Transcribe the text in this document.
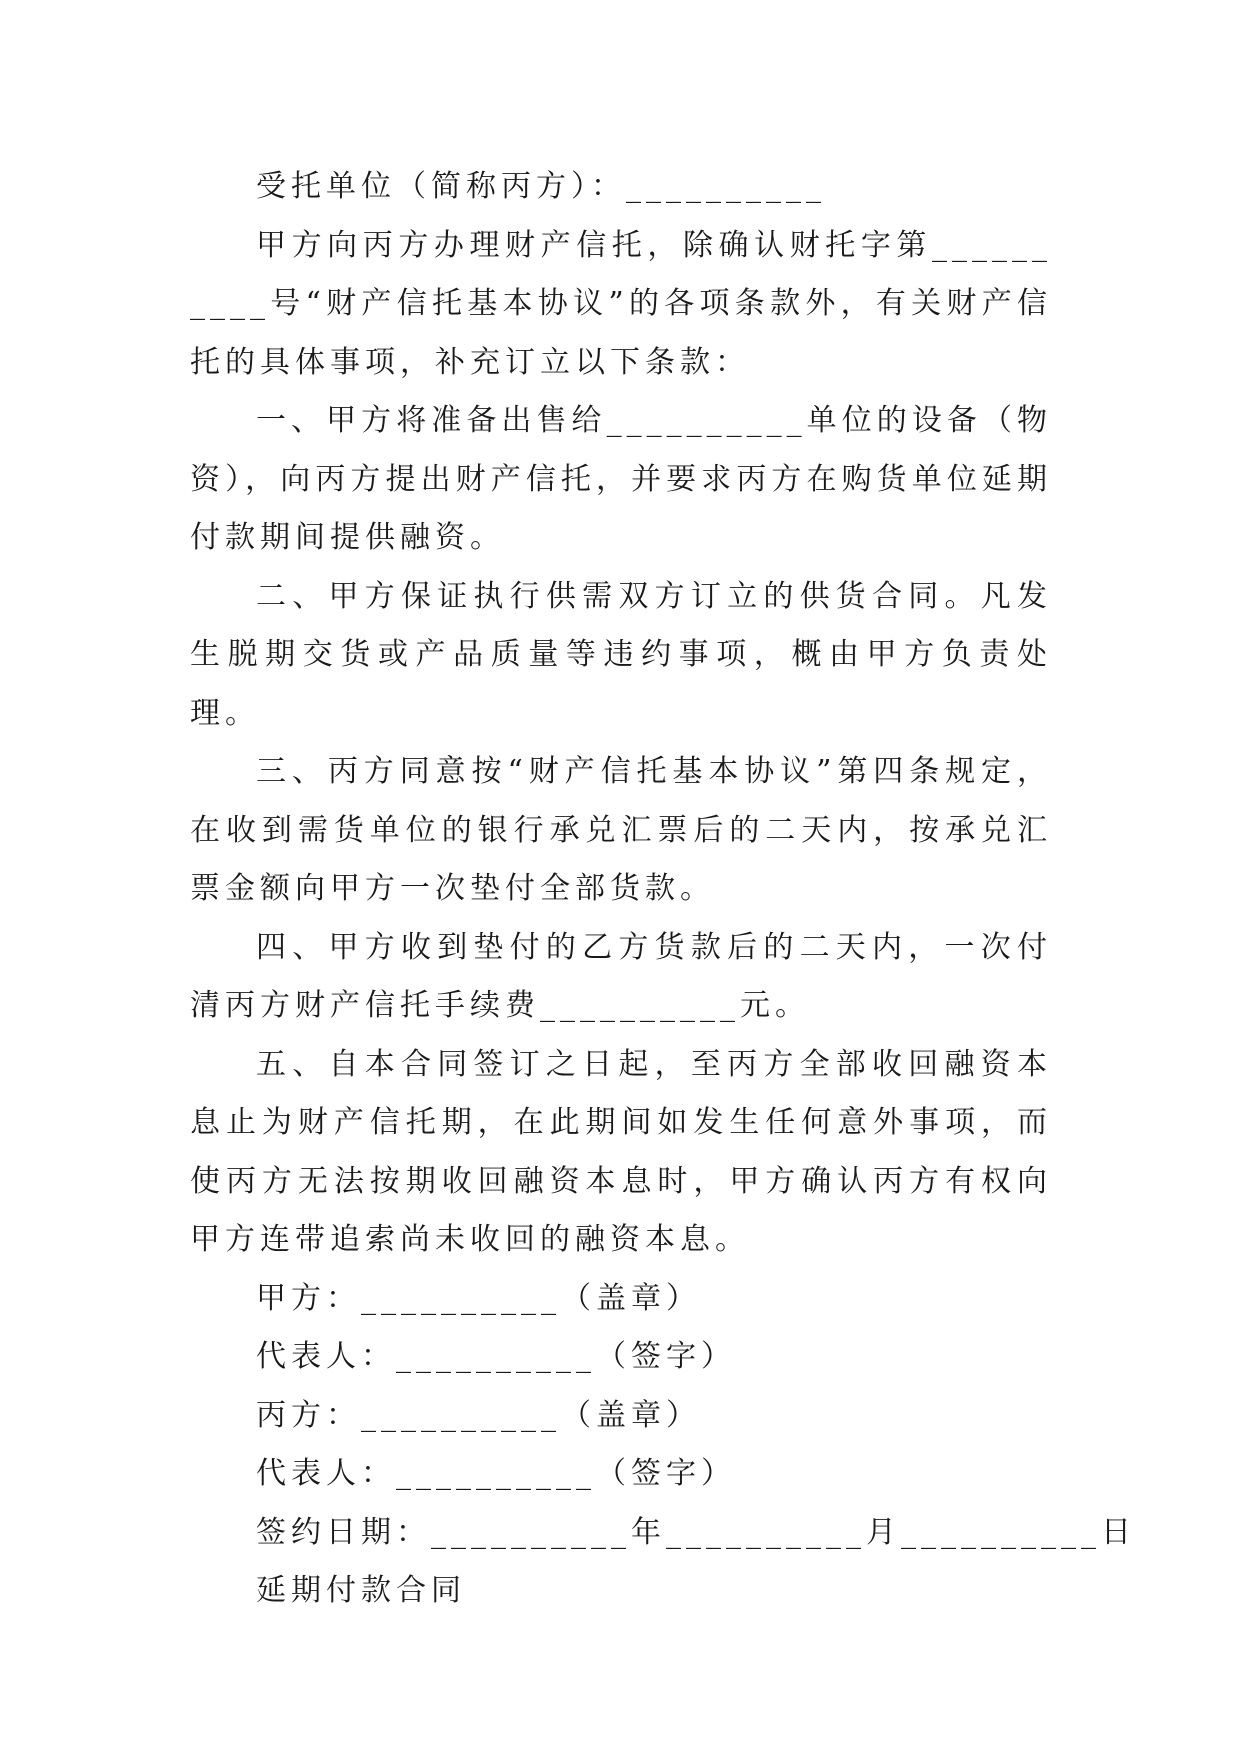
受托单位（简称丙方）：__________

甲方向丙方办理财产信托，除确认财托字第__________号“财产信托基本协议”的各项条款外，有关财产信托的具体事项，补充订立以下条款：

一、甲方将准备出售给__________单位的设备（物资），向丙方提出财产信托，并要求丙方在购货单位延期付款期间提供融资。

二、甲方保证执行供需双方订立的供货合同。凡发生脱期交货或产品质量等违约事项，概由甲方负责处理。

三、丙方同意按“财产信托基本协议”第四条规定，在收到需货单位的银行承兑汇票后的二天内，按承兑汇票金额向甲方一次垫付全部货款。

四、甲方收到垫付的乙方货款后的二天内，一次付清丙方财产信托手续费__________元。

五、自本合同签订之日起，至丙方全部收回融资本息止为财产信托期，在此期间如发生任何意外事项，而使丙方无法按期收回融资本息时，甲方确认丙方有权向甲方连带追索尚未收回的融资本息。

甲方：__________（盖章）

代表人：__________（签字）

丙方：__________（盖章）

代表人：__________（签字）

签约日期：__________年__________月__________日

延期付款合同
